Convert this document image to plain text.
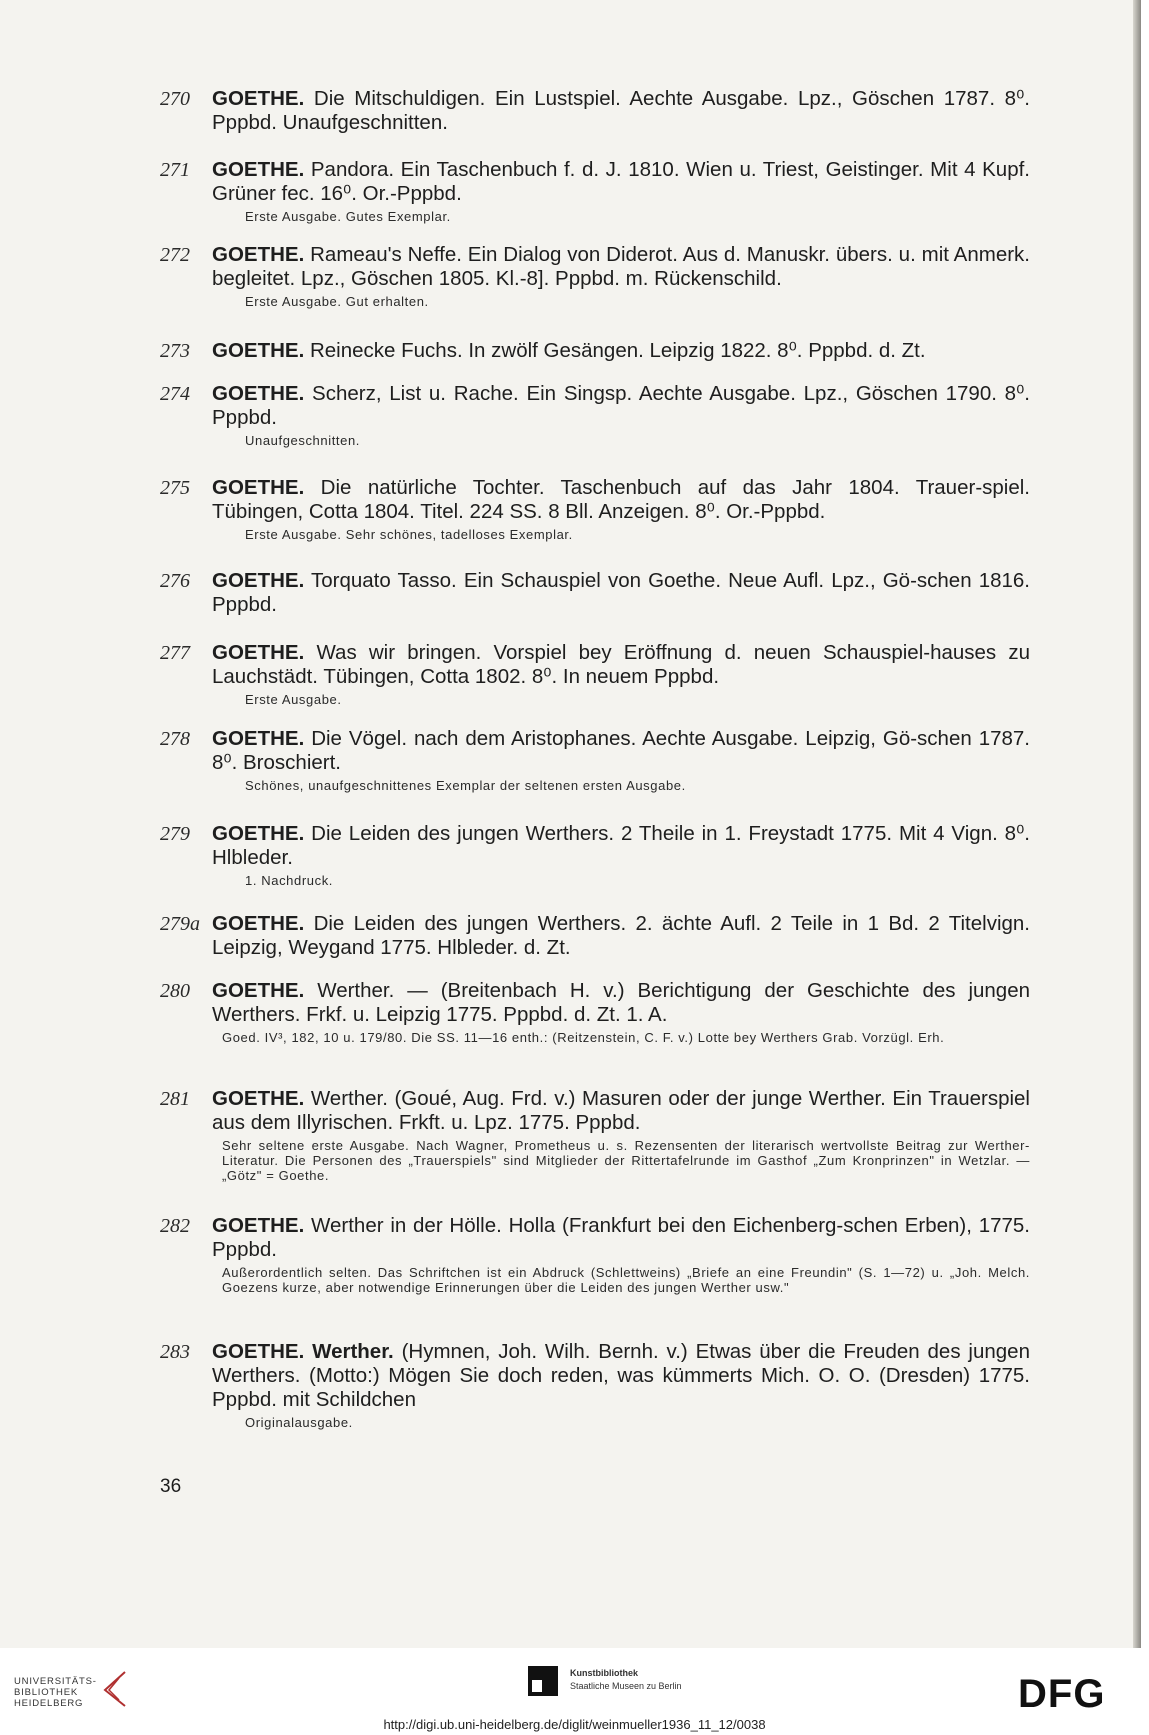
270	GOETHE. Die Mitschuldigen. Ein Lustspiel. Aechte Ausgabe. Lpz., Göschen 1787. 8⁰. Pppbd. Unaufgeschnitten.
271	GOETHE. Pandora. Ein Taschenbuch f. d. J. 1810. Wien u. Triest, Geistinger. Mit 4 Kupf. Grüner fec. 16⁰. Or.-Pppbd.
Erste Ausgabe. Gutes Exemplar.
272	GOETHE. Rameau's Neffe. Ein Dialog von Diderot. Aus d. Manuskr. übers. u. mit Anmerk. begleitet. Lpz., Göschen 1805. Kl.-8]. Pppbd. m. Rückenschild.
Erste Ausgabe. Gut erhalten.
273	GOETHE. Reinecke Fuchs. In zwölf Gesängen. Leipzig 1822. 8⁰. Pppbd. d. Zt.
274	GOETHE. Scherz, List u. Rache. Ein Singsp. Aechte Ausgabe. Lpz., Göschen 1790. 8⁰. Pppbd.
Unaufgeschnitten.
275	GOETHE. Die natürliche Tochter. Taschenbuch auf das Jahr 1804. Trauer-spiel. Tübingen, Cotta 1804. Titel. 224 SS. 8 Bll. Anzeigen. 8⁰. Or.-Pppbd.
Erste Ausgabe. Sehr schönes, tadelloses Exemplar.
276	GOETHE. Torquato Tasso. Ein Schauspiel von Goethe. Neue Aufl. Lpz., Gö-schen 1816. Pppbd.
277	GOETHE. Was wir bringen. Vorspiel bey Eröffnung d. neuen Schauspiel-hauses zu Lauchstädt. Tübingen, Cotta 1802. 8⁰. In neuem Pppbd.
Erste Ausgabe.
278	GOETHE. Die Vögel. nach dem Aristophanes. Aechte Ausgabe. Leipzig, Gö-schen 1787. 8⁰. Broschiert.
Schönes, unaufgeschnittenes Exemplar der seltenen ersten Ausgabe.
279	GOETHE. Die Leiden des jungen Werthers. 2 Theile in 1. Freystadt 1775. Mit 4 Vign. 8⁰. Hlbleder.
1. Nachdruck.
279a GOETHE. Die Leiden des jungen Werthers. 2. ächte Aufl. 2 Teile in 1 Bd. 2 Titelvign. Leipzig, Weygand 1775. Hlbleder. d. Zt.
280	GOETHE. Werther. — (Breitenbach H. v.) Berichtigung der Geschichte des jungen Werthers. Frkf. u. Leipzig 1775. Pppbd. d. Zt. 1. A.
Goed. IV³, 182, 10 u. 179/80. Die SS. 11—16 enth.: (Reitzenstein, C. F. v.) Lotte bey Werthers Grab. Vorzügl. Erh.
281	GOETHE. Werther. (Goué, Aug. Frd. v.) Masuren oder der junge Werther. Ein Trauerspiel aus dem Illyrischen. Frkft. u. Lpz. 1775. Pppbd.
Sehr seltene erste Ausgabe. Nach Wagner, Prometheus u. s. Rezensenten der literarisch wertvollste Beitrag zur Werther-Literatur. Die Personen des „Trauerspiels" sind Mitglieder der Rittertafelrunde im Gasthof „Zum Kronprinzen" in Wetzlar. — „Götz" = Goethe.
282	GOETHE. Werther in der Hölle. Holla (Frankfurt bei den Eichenberg-schen Erben), 1775. Pppbd.
Außerordentlich selten. Das Schriftchen ist ein Abdruck (Schlettweins) „Briefe an eine Freundin" (S. 1—72) u. „Joh. Melch. Goezens kurze, aber notwendige Erinnerungen über die Leiden des jungen Werther usw."
283	GOETHE. Werther. (Hymnen, Joh. Wilh. Bernh. v.) Etwas über die Freuden des jungen Werthers. (Motto:) Mögen Sie doch reden, was kümmerts Mich. O. O. (Dresden) 1775. Pppbd. mit Schildchen
Originalausgabe.
36
UNIVERSITÄTS-
BIBLIOTHEK
HEIDELBERG
Kunstbibliothek
Staatliche Museen zu Berlin	DFG
http://digi.ub.uni-heidelberg.de/diglit/weinmueller1936_11_12/0038
